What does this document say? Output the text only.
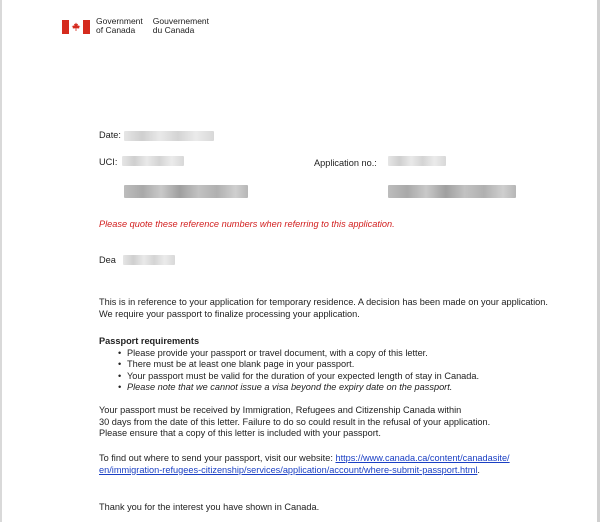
Government
of Canada
Gouvernement
du Canada
Date:
UCI:	Application no.:
Please quote these reference numbers when referring to this application.
Dea

This is in reference to your application for temporary residence. A decision has been made on your application. We require your passport to finalize processing your application.

Passport requirements

• Please provide your passport or travel document, with a copy of this letter.
• There must be at least one blank page in your passport.
• Your passport must be valid for the duration of your expected length of stay in Canada.
• Please note that we cannot issue a visa beyond the expiry date on the passport.

Your passport must be received by Immigration, Refugees and Citizenship Canada within

30 days from the date of this letter. Failure to do so could result in the refusal of your application.

Please ensure that a copy of this letter is included with your passport.

To find out where to send your passport, visit our website: https://www.canada.ca/content/canadasite/

en/immigration-refugees-citizenship/services/application/account/where-submit-passport.html.

Thank you for the interest you have shown in Canada.
